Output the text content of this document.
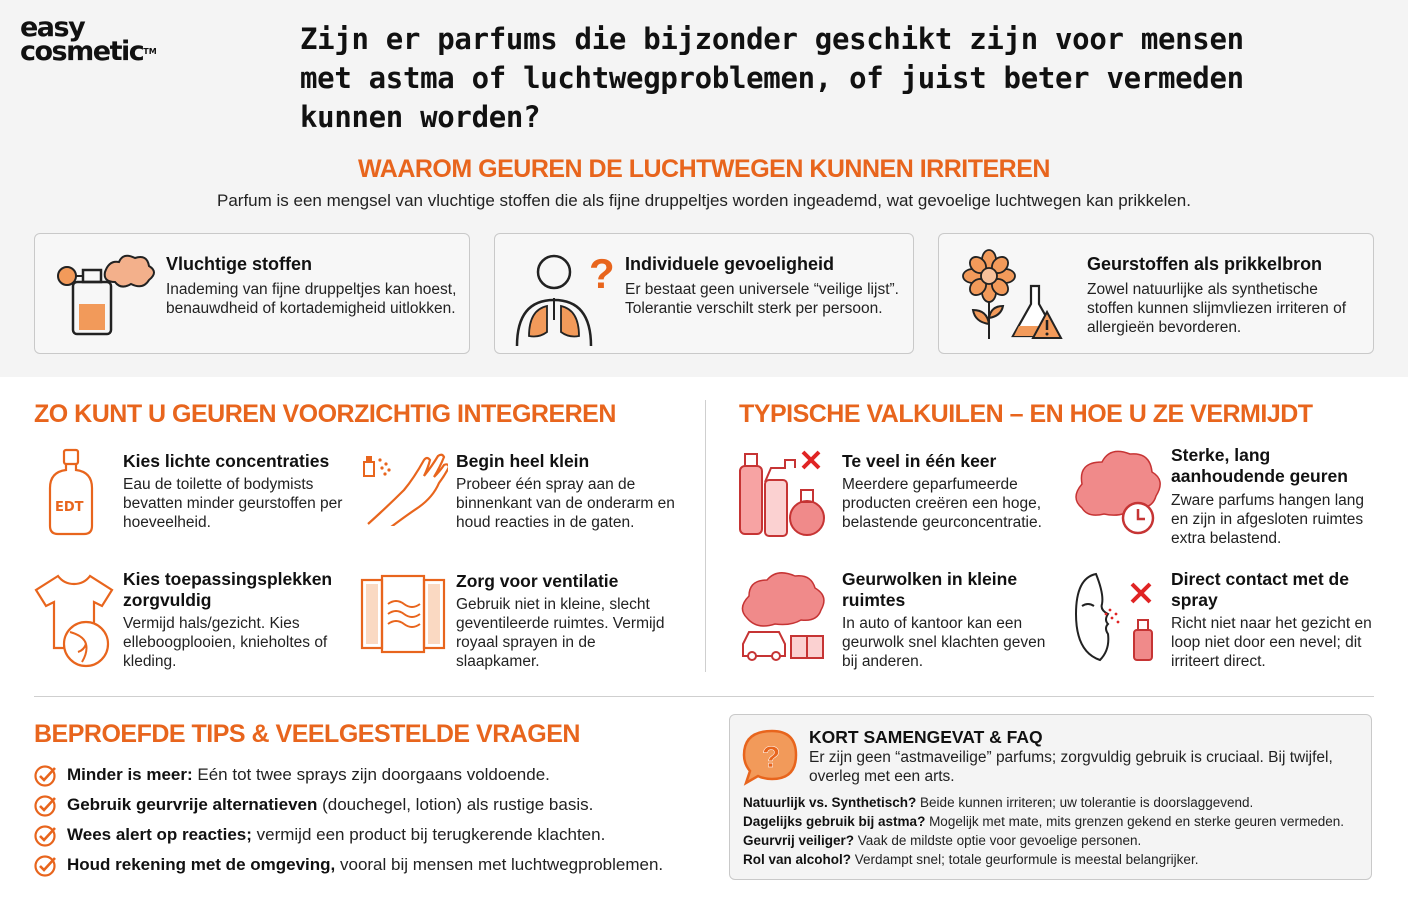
easy
cosmetic™	Zijn er parfums die bijzonder geschikt zijn voor mensen met astma of luchtwegproblemen, of juist beter vermeden kunnen worden?
WAAROM GEUREN DE LUCHTWEGEN KUNNEN IRRITEREN

Parfum is een mengsel van vluchtige stoffen die als fijne druppeltjes worden ingeademd, wat gevoelige luchtwegen kan prikkelen.

Vluchtige stoffen
Inademing van fijne druppeltjes kan hoest, benauwdheid of kortademigheid uitlokken.
? Individuele gevoeligheid
Er bestaat geen universele “veilige lijst”. Tolerantie verschilt sterk per persoon.
Geurstoffen als prikkelbron
Zowel natuurlijke als synthetische stoffen kunnen slijmvliezen irriteren of allergieën bevorderen.
ZO KUNT U GEUREN VOORZICHTIG INTEGREREN
EDT
Kies lichte concentraties
Eau de toilette of bodymists bevatten minder geurstoffen per hoeveelheid.
Begin heel klein
Probeer één spray aan de binnenkant van de onderarm en houd reacties in de gaten.
Kies toepassingsplekken zorgvuldig
Vermijd hals/gezicht. Kies elleboogplooien, knieholtes of kleding.
Zorg voor ventilatie
Gebruik niet in kleine, slecht geventileerde ruimtes. Vermijd royaal sprayen in de slaapkamer.
TYPISCHE VALKUILEN – EN HOE U ZE VERMIJDT
Te veel in één keer
Meerdere geparfumeerde producten creëren een hoge, belastende geurconcentratie.
Sterke, lang aanhoudende geuren
Zware parfums hangen lang en zijn in afgesloten ruimtes extra belastend.
Geurwolken in kleine ruimtes
In auto of kantoor kan een geurwolk snel klachten geven bij anderen.
Direct contact met de spray
Richt niet naar het gezicht en loop niet door een nevel; dit irriteert direct.
BEPROEFDE TIPS & VEELGESTELDE VRAGEN
Minder is meer: Eén tot twee sprays zijn doorgaans voldoende.
Gebruik geurvrije alternatieven (douchegel, lotion) als rustige basis.
Wees alert op reacties; vermijd een product bij terugkerende klachten.
Houd rekening met de omgeving, vooral bij mensen met luchtwegproblemen.
?
KORT SAMENGEVAT & FAQ
Er zijn geen “astmaveilige” parfums; zorgvuldig gebruik is cruciaal. Bij twijfel, overleg met een arts.
Natuurlijk vs. Synthetisch? Beide kunnen irriteren; uw tolerantie is doorslaggevend.
Dagelijks gebruik bij astma? Mogelijk met mate, mits grenzen gekend en sterke geuren vermeden.
Geurvrij veiliger? Vaak de mildste optie voor gevoelige personen.
Rol van alcohol? Verdampt snel; totale geurformule is meestal belangrijker.
